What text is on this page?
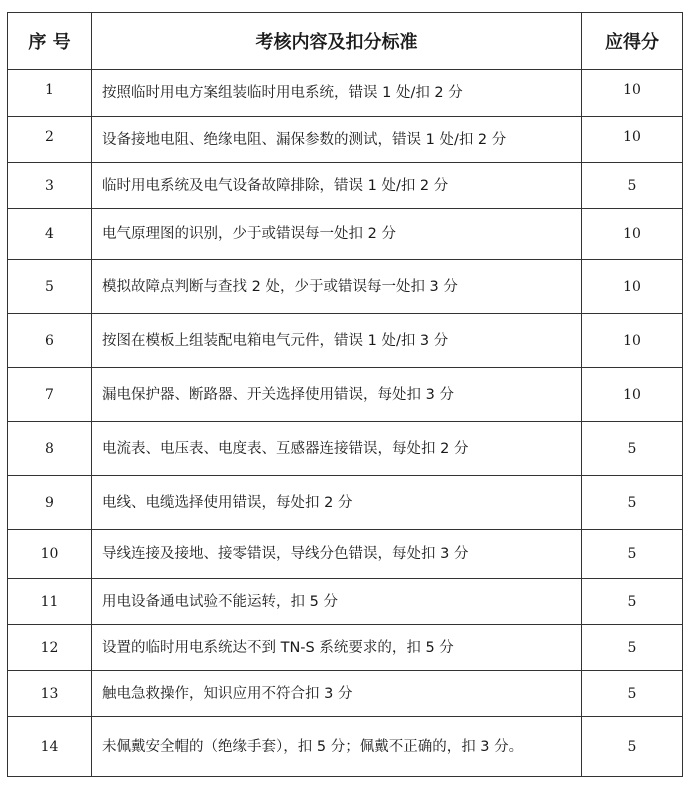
序 号	考核内容及扣分标准	应得分
1	按照临时用电方案组装临时用电系统，错误 1 处/扣 2 分	10
2	设备接地电阻、绝缘电阻、漏保参数的测试，错误 1 处/扣 2 分	10
3	临时用电系统及电气设备故障排除，错误 1 处/扣 2 分	5
4	电气原理图的识别，少于或错误每一处扣 2 分	10
5	模拟故障点判断与查找 2 处，少于或错误每一处扣 3 分	10
6	按图在模板上组装配电箱电气元件，错误 1 处/扣 3 分	10
7	漏电保护器、断路器、开关选择使用错误，每处扣 3 分	10
8	电流表、电压表、电度表、互感器连接错误，每处扣 2 分	5
9	电线、电缆选择使用错误，每处扣 2 分	5
10	导线连接及接地、接零错误，导线分色错误，每处扣 3 分	5
11	用电设备通电试验不能运转，扣 5 分	5
12	设置的临时用电系统达不到 TN-S 系统要求的，扣 5 分	5
13	触电急救操作，知识应用不符合扣 3 分	5
14	未佩戴安全帽的（绝缘手套），扣 5 分；佩戴不正确的，扣 3 分。	5
